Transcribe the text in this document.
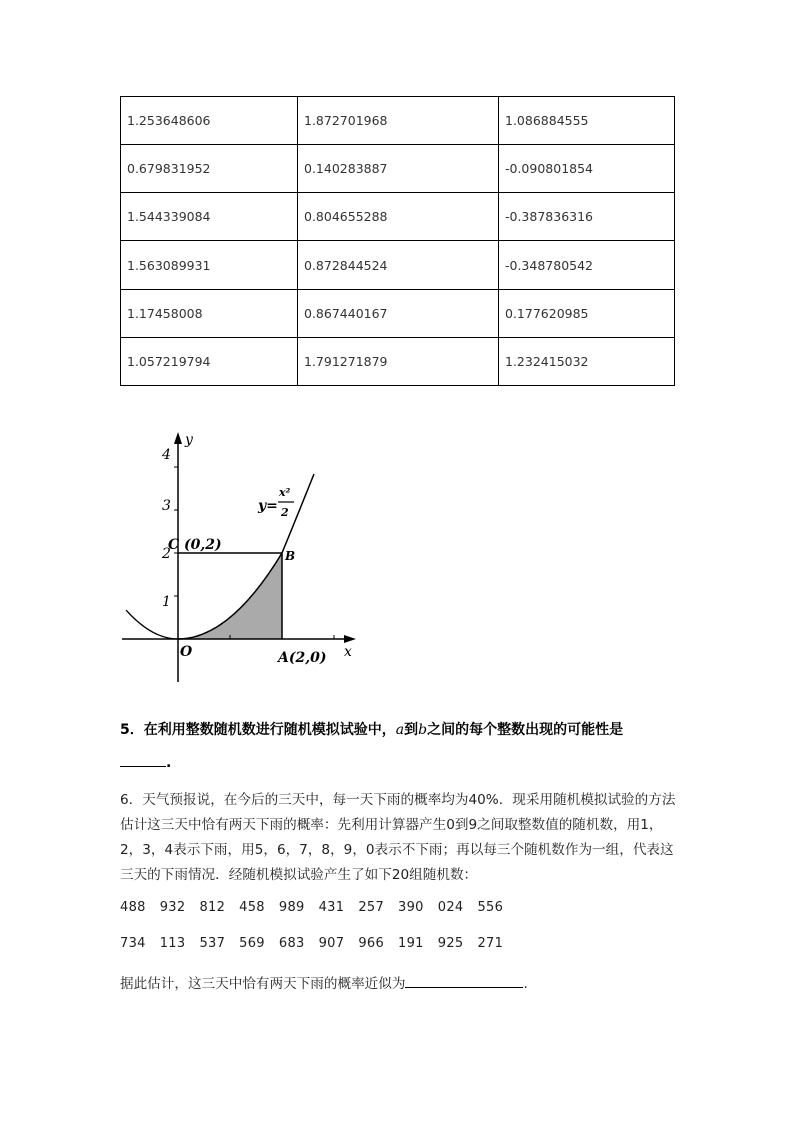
1.253648606	1.872701968	1.086884555
0.679831952	0.140283887	-0.090801854
1.544339084	0.804655288	-0.387836316
1.563089931	0.872844524	-0.348780542
1.17458008	0.867440167	0.177620985
1.057219794	1.791271879	1.232415032
y
x
1
2
3
4
O
C (0,2)
B
A(2,0)
y=
x²
2
5．在利用整数随机数进行随机模拟试验中，a到b之间的每个整数出现的可能性是
.
6．天气预报说，在今后的三天中，每一天下雨的概率均为40%．现采用随机模拟试验的方法估计这三天中恰有两天下雨的概率：先利用计算器产生0到9之间取整数值的随机数，用1，2，3，4表示下雨，用5，6，7，8，9，0表示不下雨；再以每三个随机数作为一组，代表这三天的下雨情况．经随机模拟试验产生了如下20组随机数：
488 932 812 458 989 431 257 390 024 556
734 113 537 569 683 907 966 191 925 271
据此估计，这三天中恰有两天下雨的概率近似为	.
